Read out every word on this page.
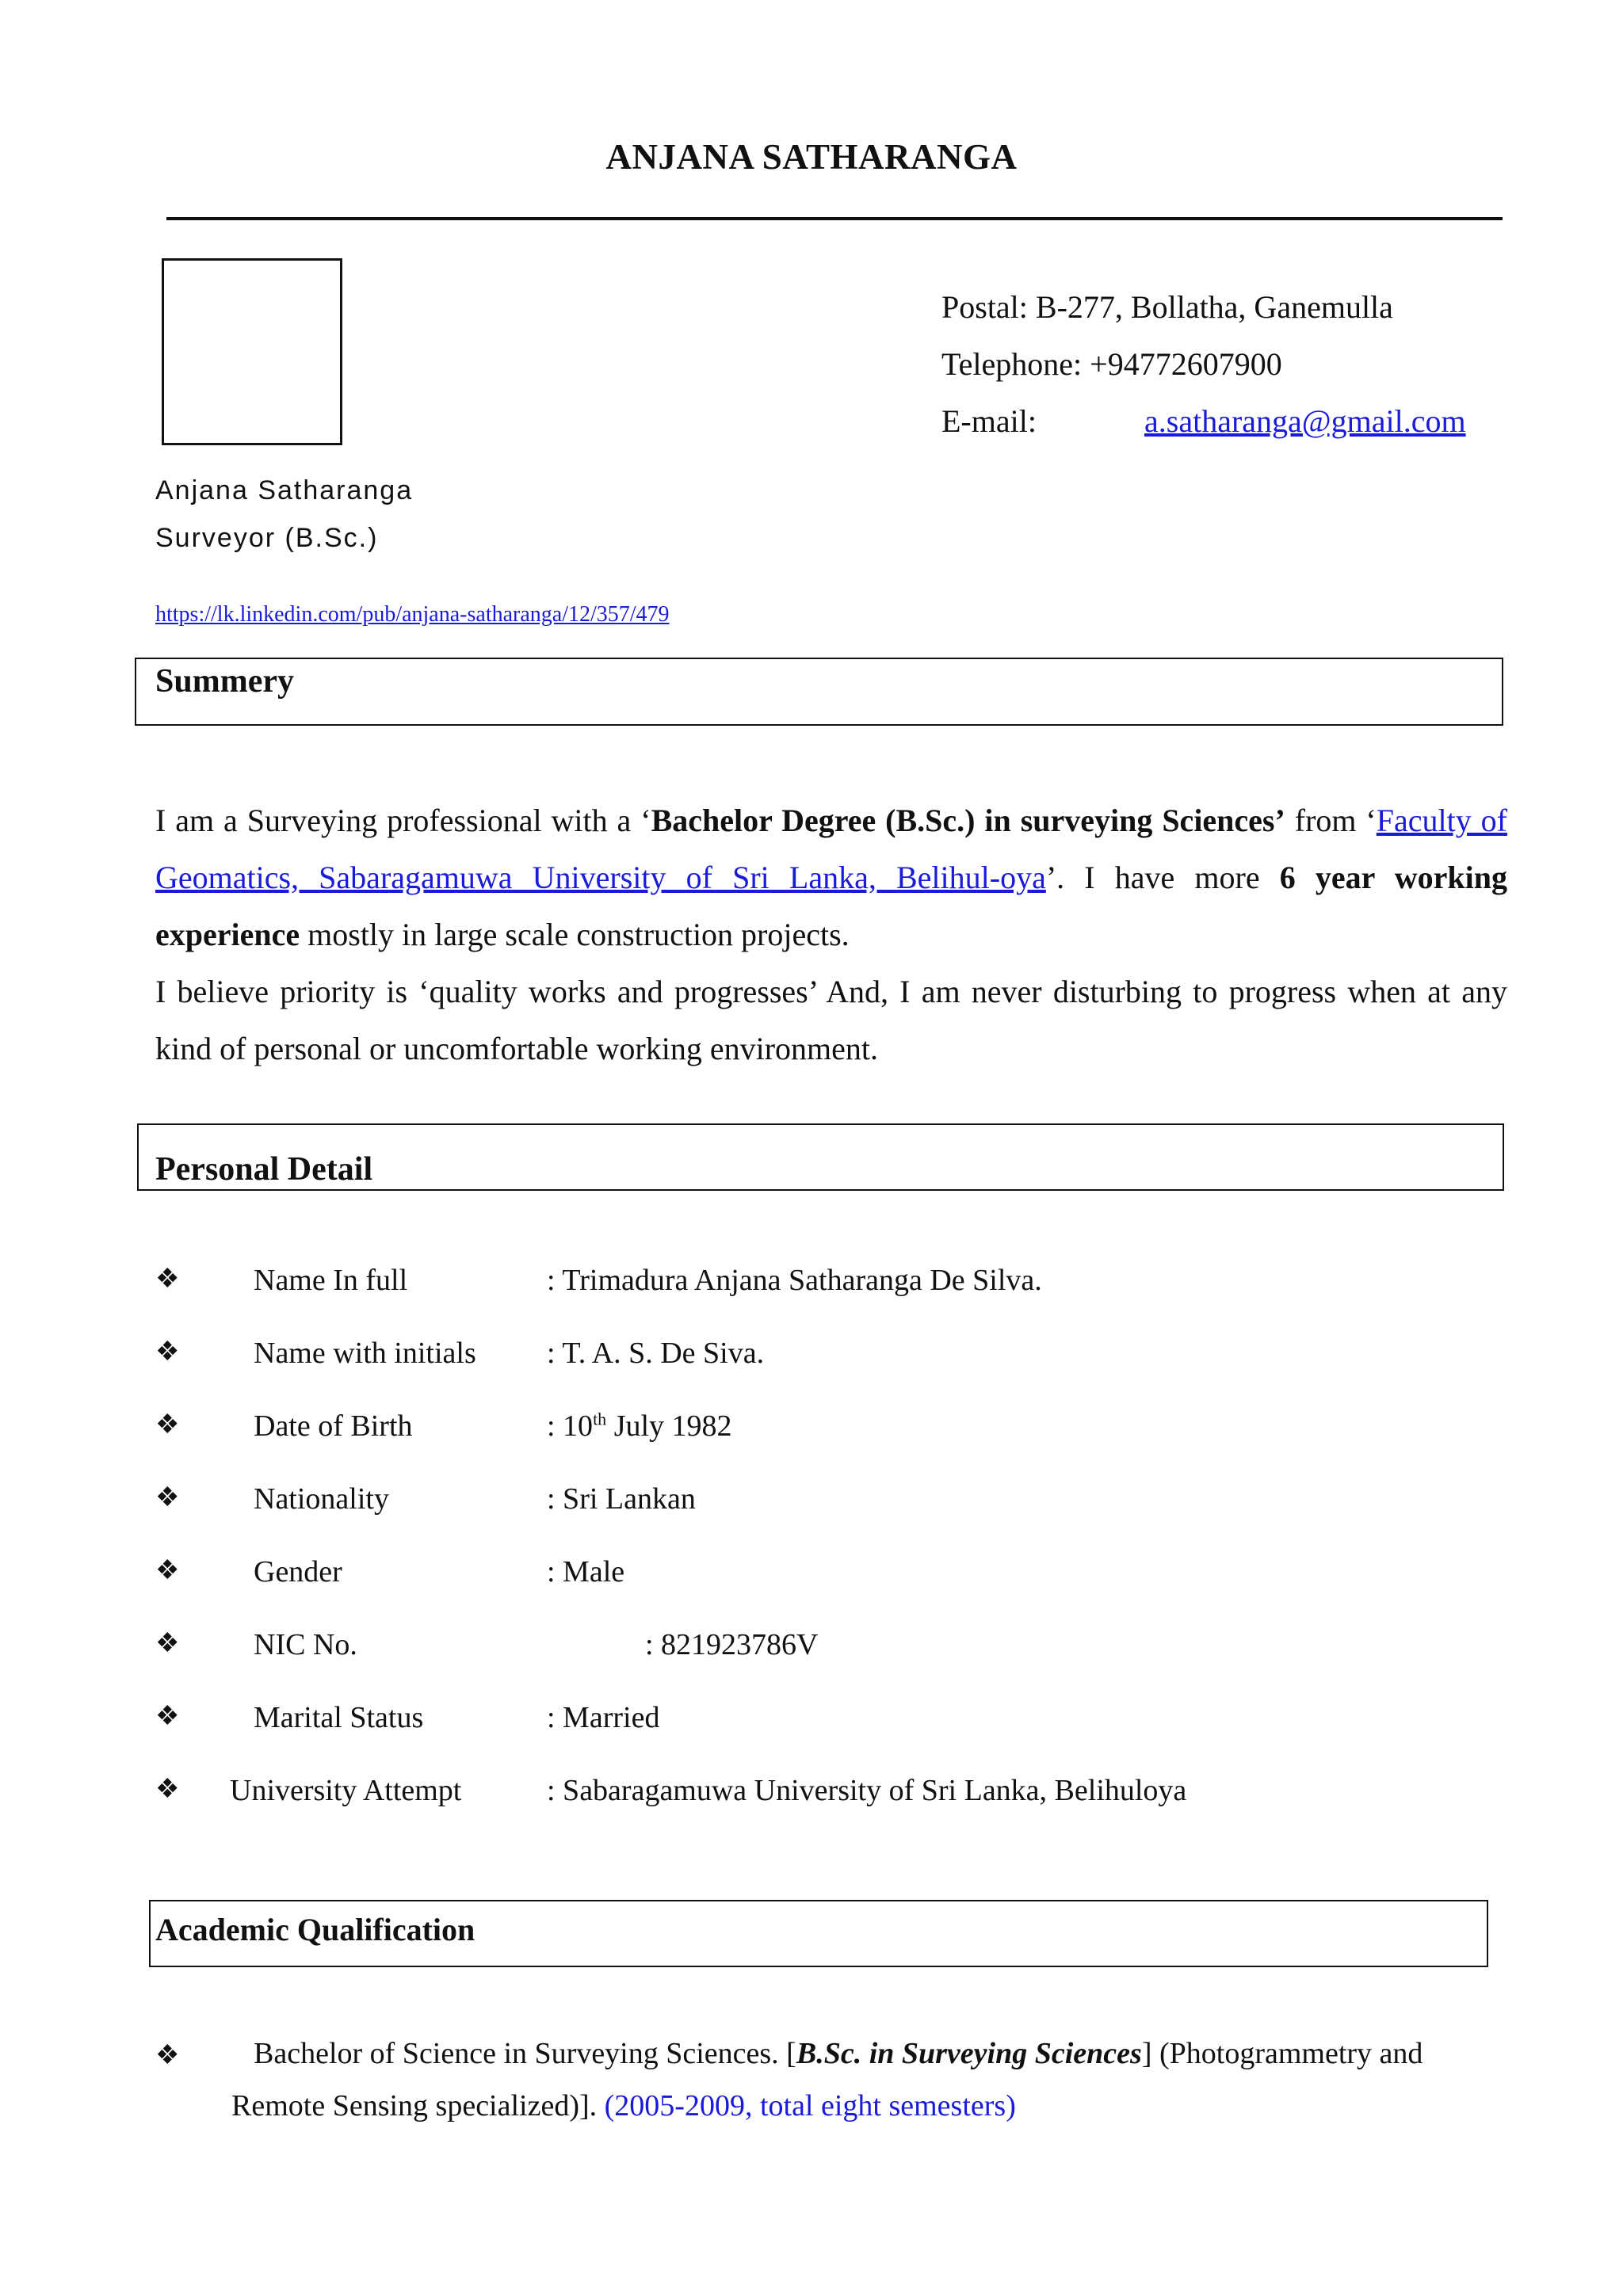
ANJANA SATHARANGA
Postal: B-277, Bollatha, Ganemulla
Telephone: +94772607900
E-mail:	a.satharanga@gmail.com
Anjana Satharanga
Surveyor (B.Sc.)
https://lk.linkedin.com/pub/anjana-satharanga/12/357/479
Summery
I am a Surveying professional with a ‘Bachelor Degree (B.Sc.) in surveying Sciences’ from ‘Faculty of Geomatics, Sabaragamuwa University of Sri Lanka, Belihul-oya’. I have more 6 year working experience mostly in large scale construction projects.
I believe priority is ‘quality works and progresses’ And, I am never disturbing to progress when at any kind of personal or uncomfortable working environment.
Personal Detail
❖ Name In full	: Trimadura Anjana Satharanga De Silva.
❖ Name with initials : T. A. S. De Siva.
❖ Date of Birth	: 10th July 1982
❖ Nationality	: Sri Lankan
❖ Gender	: Male
❖ NIC No.	: 821923786V
❖ Marital Status	: Married
❖ University Attempt	: Sabaragamuwa University of Sri Lanka, Belihuloya
Academic Qualification
❖ Bachelor of Science in Surveying Sciences. [B.Sc. in Surveying Sciences] (Photogrammetry and
Remote Sensing specialized)]. (2005-2009, total eight semesters)
